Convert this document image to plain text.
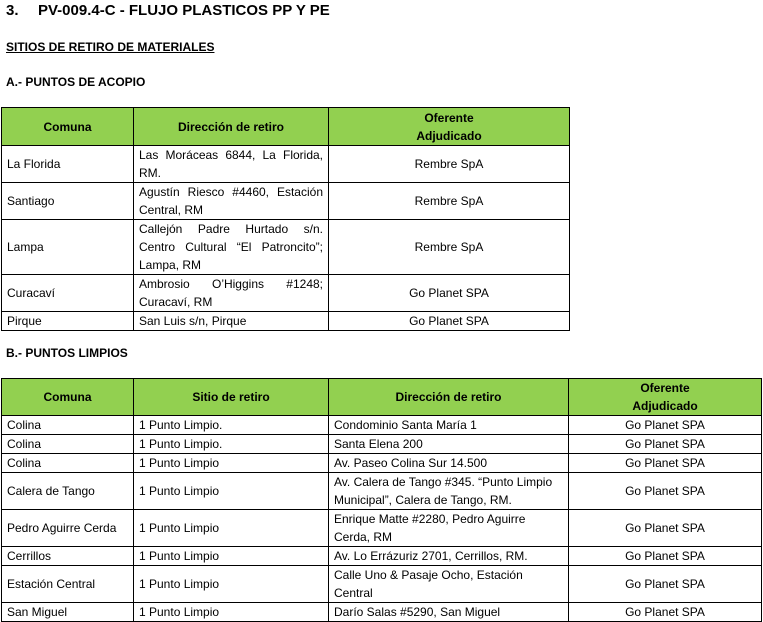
3. PV-009.4-C - FLUJO PLASTICOS PP Y PE
SITIOS DE RETIRO DE MATERIALES
A.- PUNTOS DE ACOPIO
Comuna	Dirección de retiro	Oferente
Adjudicado
La Florida	Las Moráceas 6844, La Florida, RM.	Rembre SpA
Santiago	Agustín Riesco #4460, Estación Central, RM	Rembre SpA
Lampa	Callejón Padre Hurtado s/n. Centro Cultural “El Patroncito”; Lampa, RM	Rembre SpA
Curacaví	Ambrosio O’Higgins #1248; Curacaví, RM	Go Planet SPA
Pirque	San Luis s/n, Pirque	Go Planet SPA
B.- PUNTOS LIMPIOS
Comuna	Sitio de retiro	Dirección de retiro	Oferente
Adjudicado
Colina	1 Punto Limpio.	Condominio Santa María 1	Go Planet SPA
Colina	1 Punto Limpio.	Santa Elena 200	Go Planet SPA
Colina	1 Punto Limpio	Av. Paseo Colina Sur 14.500	Go Planet SPA
Calera de Tango	1 Punto Limpio	Av. Calera de Tango #345. “Punto Limpio Municipal”, Calera de Tango, RM.	Go Planet SPA
Pedro Aguirre Cerda	1 Punto Limpio	Enrique Matte #2280, Pedro Aguirre Cerda, RM	Go Planet SPA
Cerrillos	1 Punto Limpio	Av. Lo Errázuriz 2701, Cerrillos, RM.	Go Planet SPA
Estación Central	1 Punto Limpio	Calle Uno & Pasaje Ocho, Estación Central	Go Planet SPA
San Miguel	1 Punto Limpio	Darío Salas #5290, San Miguel	Go Planet SPA
